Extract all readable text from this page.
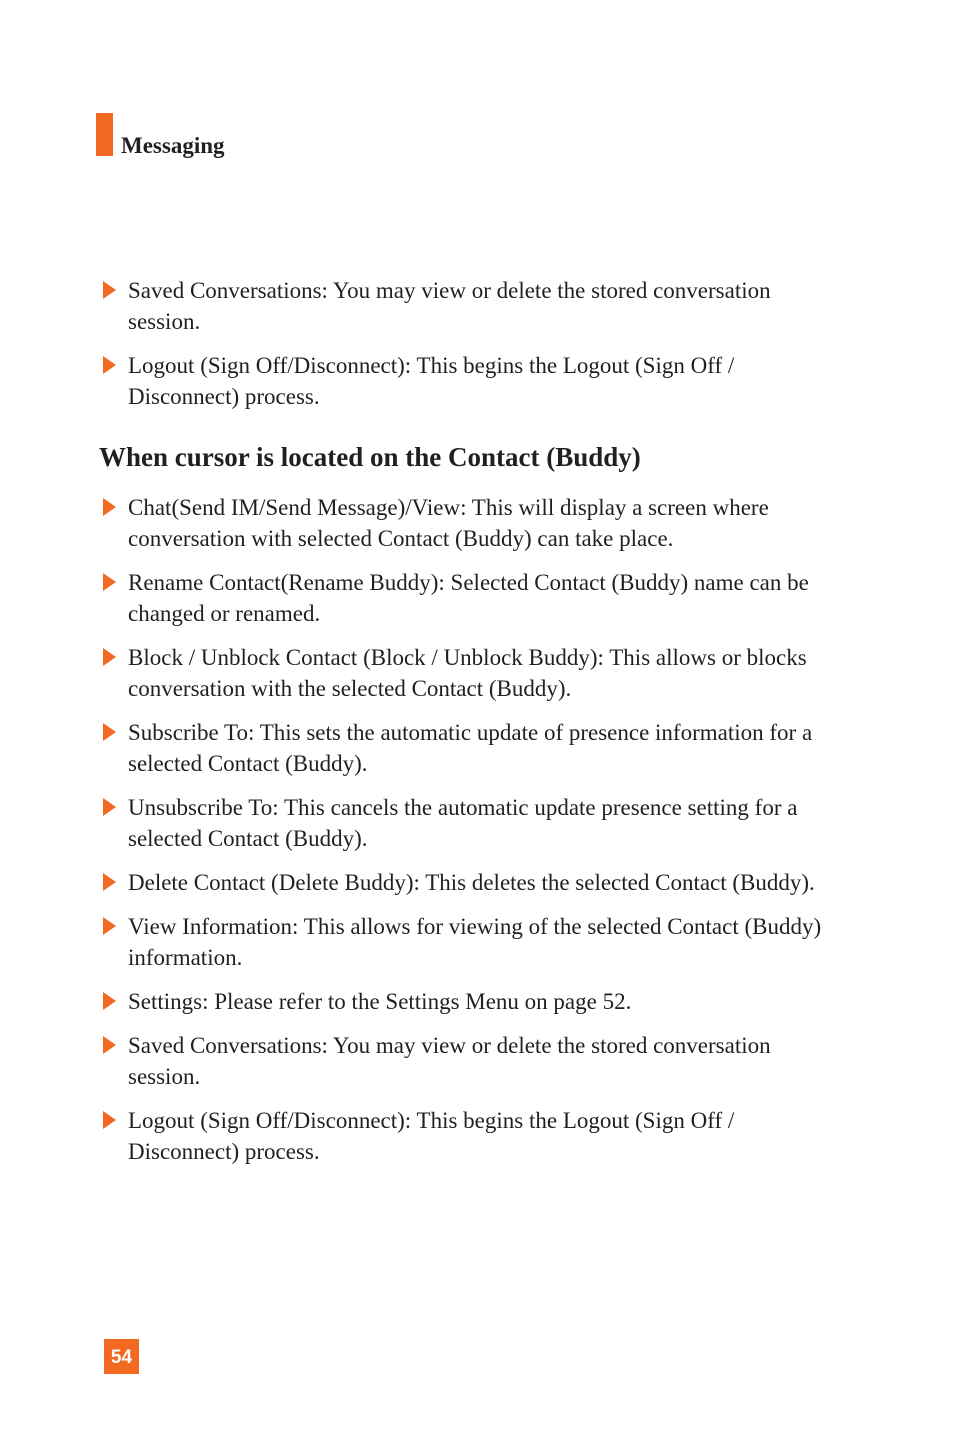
Messaging
Saved Conversations: You may view or delete the stored conversation session.
Logout (Sign Off/Disconnect): This begins the Logout (Sign Off / Disconnect) process.
When cursor is located on the Contact (Buddy)
Chat(Send IM/Send Message)/View: This will display a screen where conversation with selected Contact (Buddy) can take place.
Rename Contact(Rename Buddy): Selected Contact (Buddy) name can be changed or renamed.
Block / Unblock Contact (Block / Unblock Buddy): This allows or blocks conversation with the selected Contact (Buddy).
Subscribe To: This sets the automatic update of presence information for a selected Contact (Buddy).
Unsubscribe To: This cancels the automatic update presence setting for a selected Contact (Buddy).
Delete Contact (Delete Buddy): This deletes the selected Contact (Buddy).
View Information: This allows for viewing of the selected Contact (Buddy) information.
Settings: Please refer to the Settings Menu on page 52.
Saved Conversations: You may view or delete the stored conversation session.
Logout (Sign Off/Disconnect): This begins the Logout (Sign Off / Disconnect) process.
54
